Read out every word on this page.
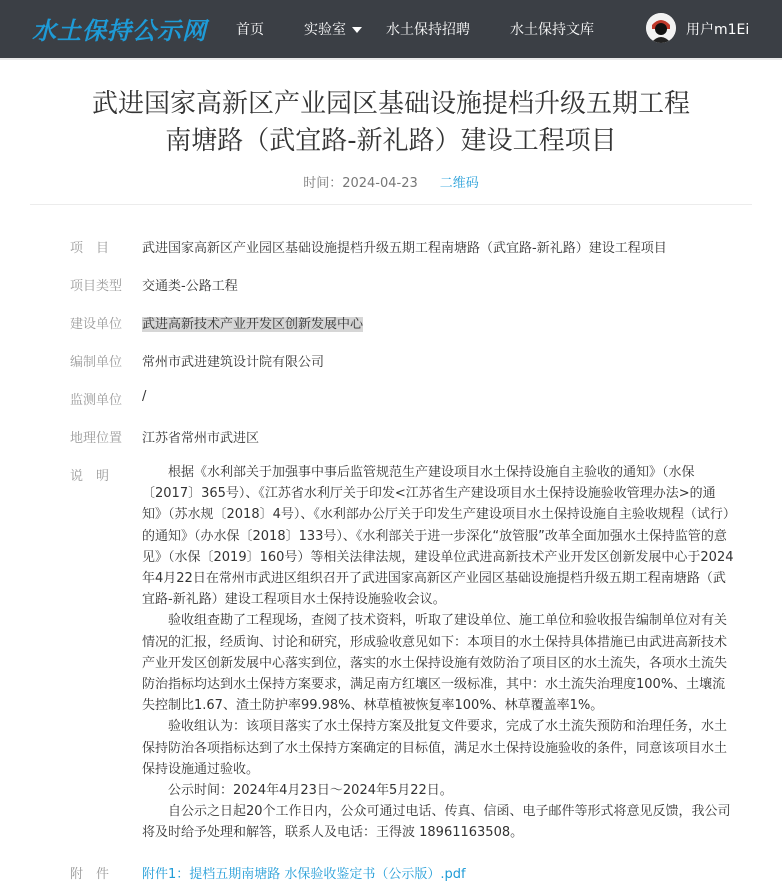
水土保持公示网 首页	实验室	水土保持招聘	水土保持文库	用户m1Ei
武进国家高新区产业园区基础设施提档升级五期工程
南塘路（武宜路-新礼路）建设工程项目
时间：2024-04-23 二维码
项　目	武进国家高新区产业园区基础设施提档升级五期工程南塘路（武宜路-新礼路）建设工程项目
项目类型	交通类-公路工程
建设单位	武进高新技术产业开发区创新发展中心
编制单位	常州市武进建筑设计院有限公司
监测单位	/
地理位置	江苏省常州市武进区
说　明	根据《水利部关于加强事中事后监管规范生产建设项目水土保持设施自主验收的通知》（水保〔2017〕365号）、《江苏省水利厅关于印发<江苏省生产建设项目水土保持设施验收管理办法>的通知》（苏水规〔2018〕4号）、《水利部办公厅关于印发生产建设项目水土保持设施自主验收规程（试行）的通知》（办水保〔2018〕133号）、《水利部关于进一步深化“放管服”改革全面加强水土保持监管的意见》（水保〔2019〕160号）等相关法律法规，建设单位武进高新技术产业开发区创新发展中心于2024年4月22日在常州市武进区组织召开了武进国家高新区产业园区基础设施提档升级五期工程南塘路（武宜路-新礼路）建设工程项目水土保持设施验收会议。

验收组查勘了工程现场，查阅了技术资料，听取了建设单位、施工单位和验收报告编制单位对有关情况的汇报，经质询、讨论和研究，形成验收意见如下：本项目的水土保持具体措施已由武进高新技术产业开发区创新发展中心落实到位，落实的水土保持设施有效防治了项目区的水土流失，各项水土流失防治指标均达到水土保持方案要求，满足南方红壤区一级标准，其中：水土流失治理度100%、土壤流失控制比1.67、渣土防护率99.98%、林草植被恢复率100%、林草覆盖率1%。

验收组认为：该项目落实了水土保持方案及批复文件要求，完成了水土流失预防和治理任务，水土保持防治各项指标达到了水土保持方案确定的目标值，满足水土保持设施验收的条件，同意该项目水土保持设施通过验收。

公示时间：2024年4月23日～2024年5月22日。

自公示之日起20个工作日内，公众可通过电话、传真、信函、电子邮件等形式将意见反馈，我公司将及时给予处理和解答，联系人及电话：王得波 18961163508。

附　件	附件1：提档五期南塘路 水保验收鉴定书（公示版）.pdf
